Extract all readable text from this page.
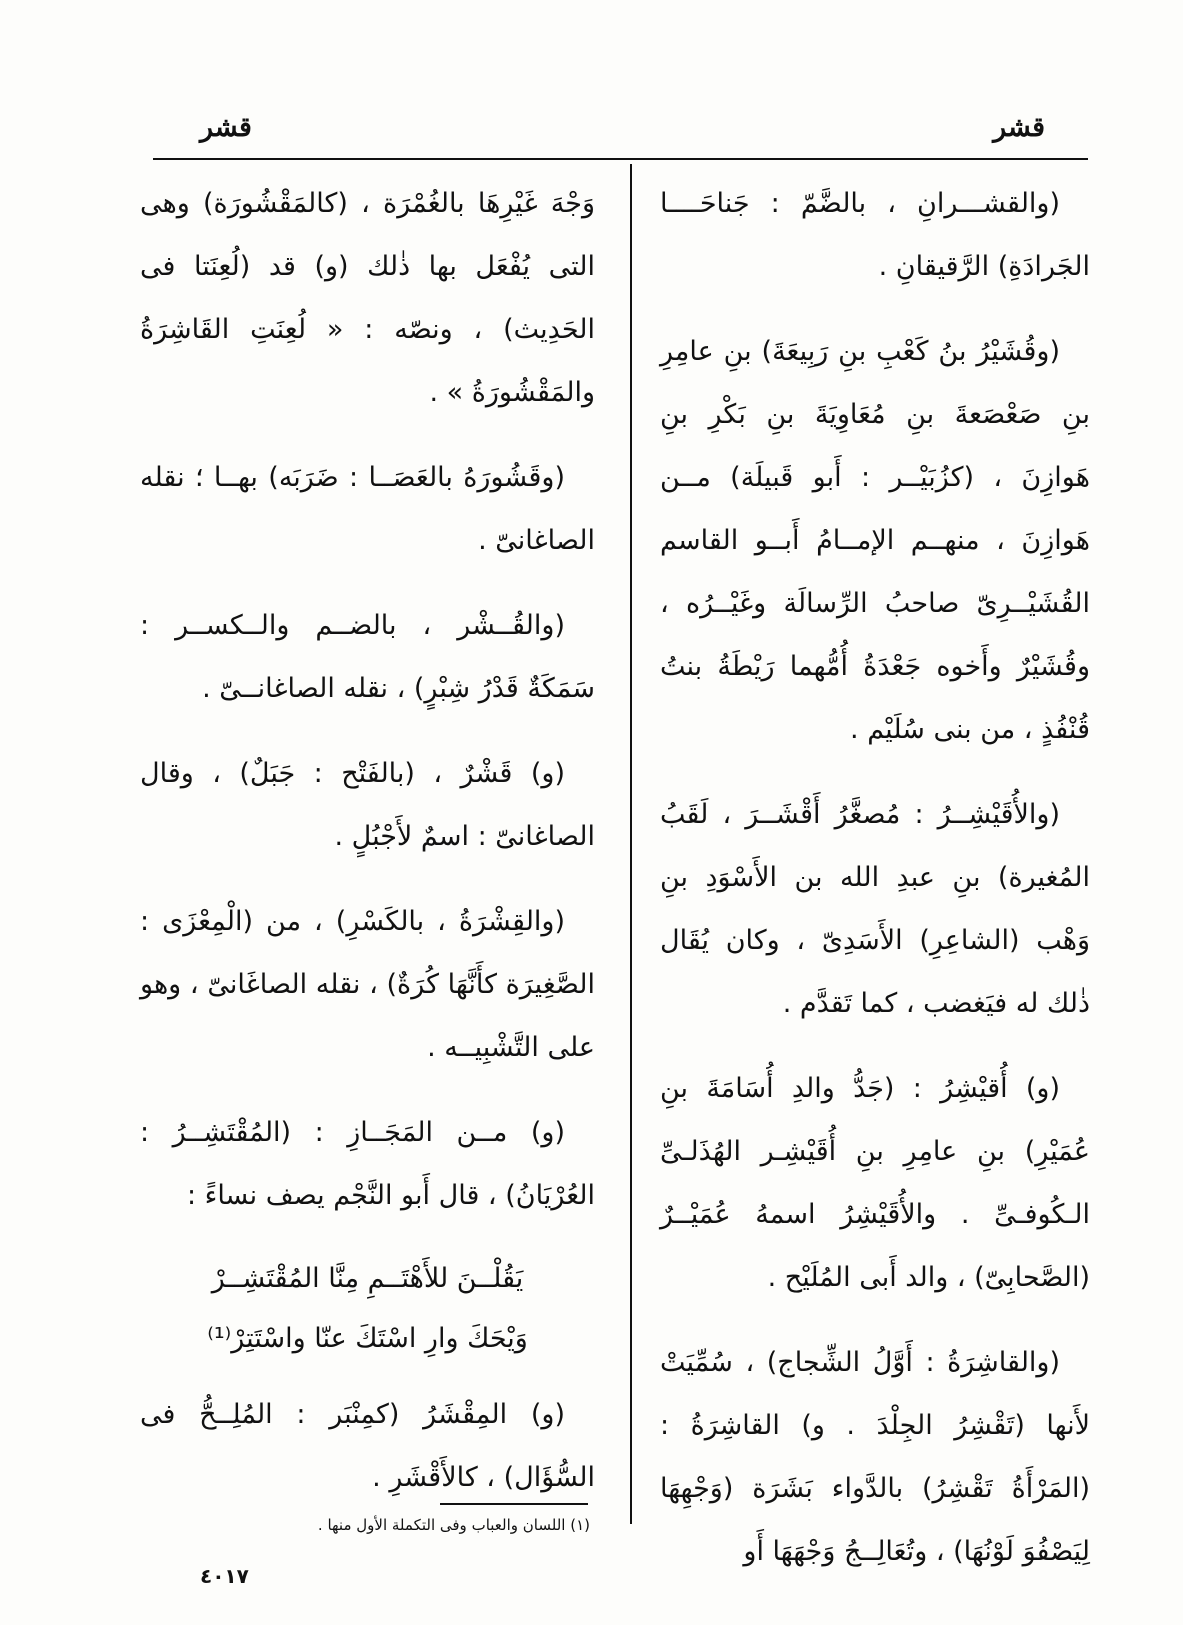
قشر
قشر

(والقشـــرانِ ، بالضَّمّ : جَناحَــــا الجَرادَةِ) الرَّقيقانِ .

(وقُشَيْرُ بنُ كَعْبِ بنِ رَبِيعَةَ) بنِ عامِرِ بنِ صَعْصَعةَ بنِ مُعَاوِيَةَ بنِ بَكْرِ بنِ هَوازِنَ ، (كزُبَيْــر : أَبو قَبيلَة) مــن هَوازِنَ ، منهــم الإمــامُ أَبــو القاسم القُشَيْــرِىّ صاحبُ الرِّسالَة وغَيْــرُه ، وقُشَيْرٌ وأَخوه جَعْدَةُ أُمُّهما رَيْطَةُ بنتُ قُنْفُذٍ ، من بنى سُلَيْم .

(والأُقَيْشِــرُ : مُصغَّرُ أَقْشَــرَ ، لَقَبُ المُغيرة) بنِ عبدِ الله بن الأَسْوَدِ بنِ وَهْب (الشاعِرِ) الأَسَدِىّ ، وكان يُقَال ذٰلك له فيَغضب ، كما تَقدَّم .

(و) أُقيْشِرُ : (جَدُّ والدِ أُسَامَةَ بنِ عُمَيْرِ) بنِ عامِرِ بنِ أُقَيْشِـر الهُذَلـىِّ الـكُوفـىِّ . والأُقَيْشِرُ اسمهُ عُمَيْــرٌ (الصَّحابِىّ) ، والد أَبى المُلَيْح .

(والقاشِرَةُ : أَوَّلُ الشِّجاج) ، سُمِّيَتْ لأَنها (تَقْشِرُ الجِلْدَ . و) القاشِرَةُ : (المَرْأَةُ تَقْشِرُ) بالدَّواء بَشَرَة (وَجْهِهَا لِيَصْفُوَ لَوْنُهَا) ، وتُعَالِــجُ وَجْهَهَا أَو

وَجْهَ غَيْرِهَا بالغُمْرَة ، (كالمَقْشُورَة) وهى التى يُفْعَل بها ذٰلك (و) قد (لُعِنَتا فى الحَدِيث) ، ونصّه : « لُعِنَتِ القَاشِرَةُ والمَقْشُورَةُ » .

(وقَشُورَهُ بالعَصَــا : ضَرَبَه) بهــا ؛ نقله الصاغانىّ .

(والقُــشْر ، بالضــم والــكســر : سَمَكَةٌ قَدْرُ شِبْرٍ) ، نقله الصاغانــىّ .

(و) قَشْرٌ ، (بالفَتْح : جَبَلٌ) ، وقال الصاغانىّ : اسمٌ لأَجْبُلٍ .

(والقِشْرَةُ ، بالكَسْرِ) ، من (الْمِعْزَى : الصَّغِيرَة كأَنَّهَا كُرَةٌ) ، نقله الصاغَانىّ ، وهو على التَّشْبِيــه .

(و) مــن المَجَــازِ : (المُقْتَشِــرُ : العُرْيَانُ) ، قال أَبو النَّجْم يصف نساءً :

يَقُلْــنَ للأَهْتَــمِ مِنَّا المُقْتَشِــرْ

وَيْحَكَ وارِ اسْتَكَ عنّا واسْتَتِرْ⁽¹⁾

(و) المِقْشَرُ (كمِنْبَر : المُلِــحُّ فى السُّؤَال) ، كالأَقْشَرِ .

(١) اللسان والعباب وفى التكملة الأول منها .
٤٠١٧
